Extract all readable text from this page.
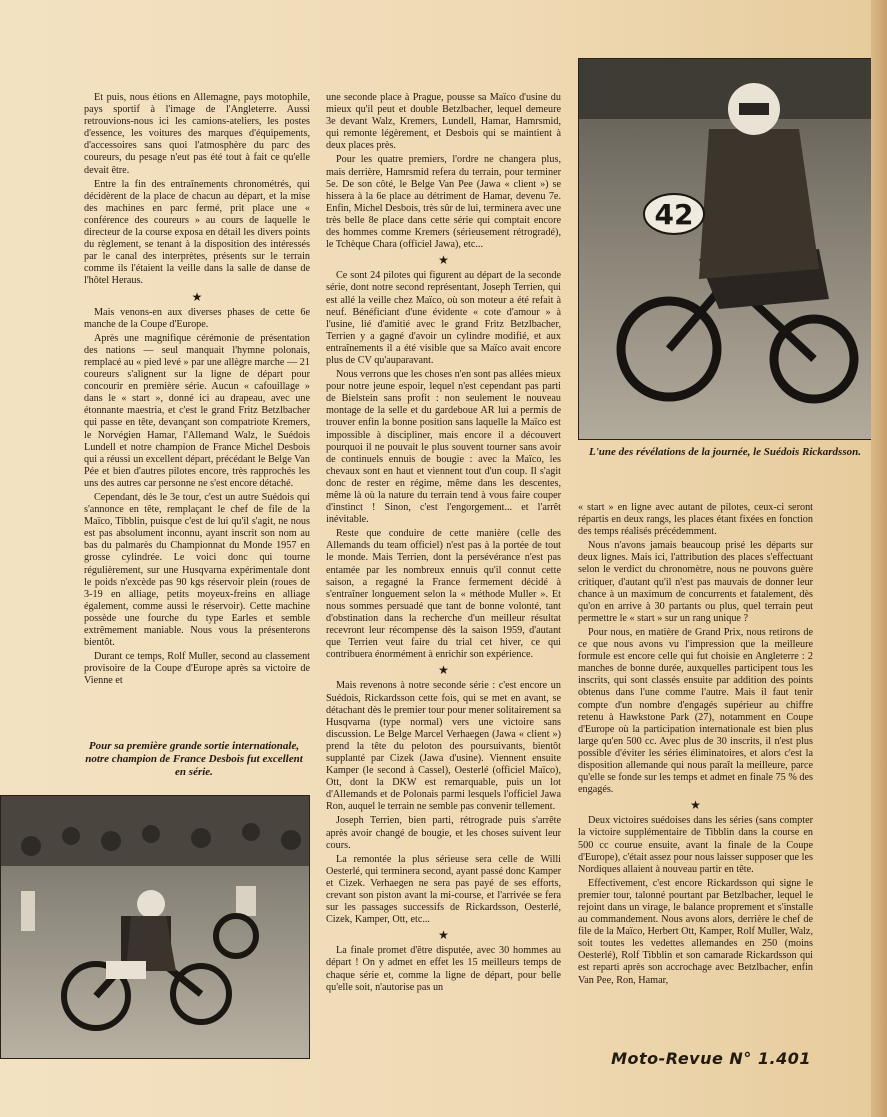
Et puis, nous étions en Allemagne, pays motophile, pays sportif à l'image de l'Angleterre. Aussi retrouvions-nous ici les camions-ateliers, les postes d'essence, les voitures des marques d'équipements, d'accessoires sans quoi l'atmosphère du parc des coureurs, du pesage n'eut pas été tout à fait ce qu'elle devait être.

Entre la fin des entraînements chronométrés, qui décidèrent de la place de chacun au départ, et la mise des machines en parc fermé, prit place une « conférence des coureurs » au cours de laquelle le directeur de la course exposa en détail les divers points du règlement, se tenant à la disposition des intéressés par le canal des interprètes, présents sur le terrain comme ils l'étaient la veille dans la salle de danse de l'hôtel Heraus.

★

Mais venons-en aux diverses phases de cette 6e manche de la Coupe d'Europe.

Après une magnifique cérémonie de présentation des nations — seul manquait l'hymne polonais, remplacé au « pied levé » par une allègre marche — 21 coureurs s'alignent sur la ligne de départ pour concourir en première série. Aucun « cafouillage » dans le « start », donné ici au drapeau, avec une étonnante maestria, et c'est le grand Fritz Betzlbacher qui passe en tête, devançant son compatriote Kremers, le Norvégien Hamar, l'Allemand Walz, le Suédois Lundell et notre champion de France Michel Desbois qui a réussi un excellent départ, précédant le Belge Van Pée et bien d'autres pilotes encore, très rapprochés les uns des autres car personne ne s'est encore détaché.

Cependant, dès le 3e tour, c'est un autre Suédois qui s'annonce en tête, remplaçant le chef de file de la Maïco, Tibblin, puisque c'est de lui qu'il s'agit, ne nous est pas absolument inconnu, ayant inscrit son nom au bas du palmarès du Championnat du Monde 1957 en grosse cylindrée. Le voici donc qui tourne régulièrement, sur une Husqvarna expérimentale dont le poids n'excède pas 90 kgs réservoir plein (roues de 3-19 en alliage, petits moyeux-freins en alliage également, comme aussi le réservoir). Cette machine possède une fourche du type Earles et semble extrêmement maniable. Nous vous la présenterons bientôt.

Durant ce temps, Rolf Muller, second au classement provisoire de la Coupe d'Europe après sa victoire de Vienne et

Pour sa première grande sortie internationale, notre champion de France Desbois fut excellent en série.

une seconde place à Prague, pousse sa Maïco d'usine du mieux qu'il peut et double Betzlbacher, lequel demeure 3e devant Walz, Kremers, Lundell, Hamar, Hamrsmid, qui remonte légèrement, et Desbois qui se maintient à deux places près.

Pour les quatre premiers, l'ordre ne changera plus, mais derrière, Hamrsmid refera du terrain, pour terminer 5e. De son côté, le Belge Van Pee (Jawa « client ») se hissera à la 6e place au détriment de Hamar, devenu 7e. Enfin, Michel Desbois, très sûr de lui, terminera avec une très belle 8e place dans cette série qui comptait encore des hommes comme Kremers (sérieusement rétrogradé), le Tchèque Chara (officiel Jawa), etc...

★

Ce sont 24 pilotes qui figurent au départ de la seconde série, dont notre second représentant, Joseph Terrien, qui est allé la veille chez Maïco, où son moteur a été refait à neuf. Bénéficiant d'une évidente « cote d'amour » à l'usine, lié d'amitié avec le grand Fritz Betzlbacher, Terrien y a gagné d'avoir un cylindre modifié, et aux entraînements il a été visible que sa Maïco avait encore plus de CV qu'auparavant.

Nous verrons que les choses n'en sont pas allées mieux pour notre jeune espoir, lequel n'est cependant pas parti de Bielstein sans profit : non seulement le nouveau montage de la selle et du gardeboue AR lui a permis de trouver enfin la bonne position sans laquelle la Maïco est impossible à discipliner, mais encore il a découvert pourquoi il ne pouvait le plus souvent tourner sans avoir de continuels ennuis de bougie : avec la Maïco, les chevaux sont en haut et viennent tout d'un coup. Il s'agit donc de rester en régime, même dans les descentes, même là où la nature du terrain tend à vous faire couper d'instinct ! Sinon, c'est l'engorgement... et l'arrêt inévitable.

Reste que conduire de cette manière (celle des Allemands du team officiel) n'est pas à la portée de tout le monde. Mais Terrien, dont la persévérance n'est pas entamée par les nombreux ennuis qu'il connut cette saison, a regagné la France fermement décidé à s'entraîner longuement selon la « méthode Muller ». Et nous sommes persuadé que tant de bonne volonté, tant d'obstination dans la recherche d'un meilleur résultat recevront leur récompense dès la saison 1959, d'autant que Terrien veut faire du trial cet hiver, ce qui contribuera énormément à enrichir son expérience.

★

Mais revenons à notre seconde série : c'est encore un Suédois, Rickardsson cette fois, qui se met en avant, se détachant dès le premier tour pour mener solitairement sa Husqvarna (type normal) vers une victoire sans discussion. Le Belge Marcel Verhaegen (Jawa « client ») prend la tête du peloton des poursuivants, bientôt supplanté par Cizek (Jawa d'usine). Viennent ensuite Kamper (le second à Cassel), Oesterlé (officiel Maïco), Ott, dont la DKW est remarquable, puis un lot d'Allemands et de Polonais parmi lesquels l'officiel Jawa Ron, auquel le terrain ne semble pas convenir tellement.

Joseph Terrien, bien parti, rétrograde puis s'arrête après avoir changé de bougie, et les choses suivent leur cours.

La remontée la plus sérieuse sera celle de Willi Oesterlé, qui terminera second, ayant passé donc Kamper et Cizek. Verhaegen ne sera pas payé de ses efforts, crevant son piston avant la mi-course, et l'arrivée se fera sur les passages successifs de Rickardsson, Oesterlé, Cizek, Kamper, Ott, etc...

★

La finale promet d'être disputée, avec 30 hommes au départ ! On y admet en effet les 15 meilleurs temps de chaque série et, comme la ligne de départ, pour belle qu'elle soit, n'autorise pas un

42
L'une des révélations de la journée, le Suédois Rickardsson.

« start » en ligne avec autant de pilotes, ceux-ci seront répartis en deux rangs, les places étant fixées en fonction des temps réalisés précédemment.

Nous n'avons jamais beaucoup prisé les départs sur deux lignes. Mais ici, l'attribution des places s'effectuant selon le verdict du chronomètre, nous ne pouvons guère critiquer, d'autant qu'il n'est pas mauvais de donner leur chance à un maximum de concurrents et fatalement, dès qu'on en arrive à 30 partants ou plus, quel terrain peut permettre le « start » sur un rang unique ?

Pour nous, en matière de Grand Prix, nous retirons de ce que nous avons vu l'impression que la meilleure formule est encore celle qui fut choisie en Angleterre : 2 manches de bonne durée, auxquelles participent tous les inscrits, qui sont classés ensuite par addition des points obtenus dans l'une comme l'autre. Mais il faut tenir compte d'un nombre d'engagés supérieur au chiffre retenu à Hawkstone Park (27), notamment en Coupe d'Europe où la participation internationale est bien plus large qu'en 500 cc. Avec plus de 30 inscrits, il n'est plus possible d'éviter les séries éliminatoires, et alors c'est la disposition allemande qui nous paraît la meilleure, parce qu'elle se fonde sur les temps et admet en finale 75 % des engagés.

★

Deux victoires suédoises dans les séries (sans compter la victoire supplémentaire de Tibblin dans la course en 500 cc courue ensuite, avant la finale de la Coupe d'Europe), c'était assez pour nous laisser supposer que les Nordiques allaient à nouveau partir en tête.

Effectivement, c'est encore Rickardsson qui signe le premier tour, talonné pourtant par Betzlbacher, lequel le rejoint dans un virage, le balance proprement et s'installe au commandement. Nous avons alors, derrière le chef de file de la Maïco, Herbert Ott, Kamper, Rolf Muller, Walz, soit toutes les vedettes allemandes en 250 (moins Oesterlé), Rolf Tibblin et son camarade Rickardsson qui est reparti après son accrochage avec Betzlbacher, enfin Van Pee, Ron, Hamar,

Moto-Revue N° 1.401
